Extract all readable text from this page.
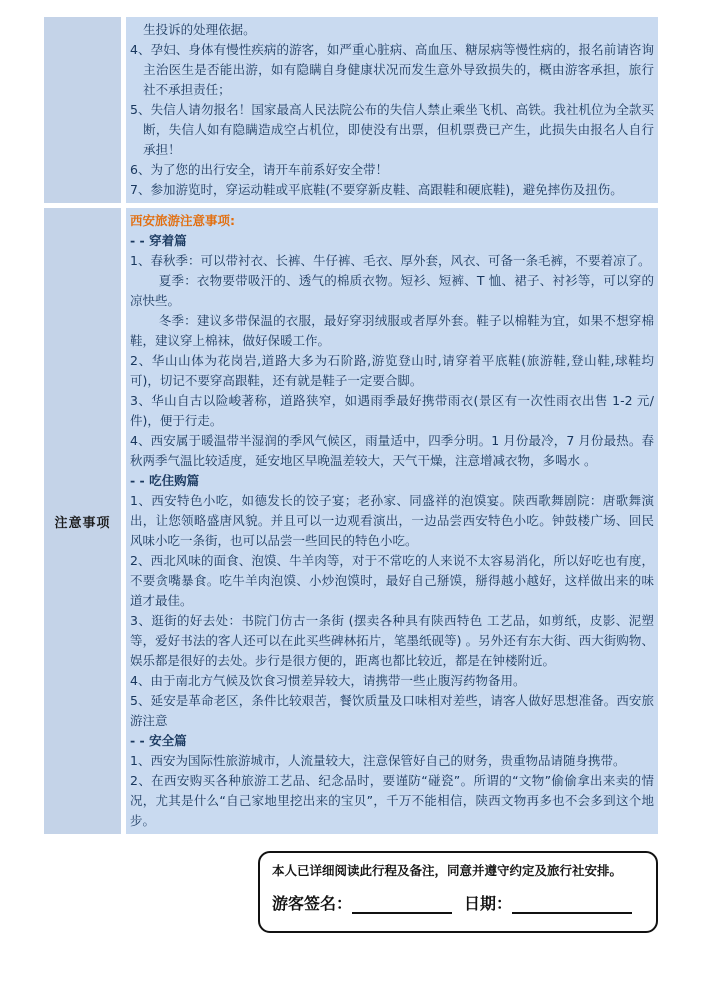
生投诉的处理依据。

4、孕妇、身体有慢性疾病的游客，如严重心脏病、高血压、糖尿病等慢性病的，报名前请咨询主治医生是否能出游，如有隐瞒自身健康状况而发生意外导致损失的，概由游客承担，旅行社不承担责任；

5、失信人请勿报名！国家最高人民法院公布的失信人禁止乘坐飞机、高铁。我社机位为全款买断，失信人如有隐瞒造成空占机位，即使没有出票，但机票费已产生，此损失由报名人自行承担！

6、为了您的出行安全，请开车前系好安全带！

7、参加游览时，穿运动鞋或平底鞋(不要穿新皮鞋、高跟鞋和硬底鞋)，避免摔伤及扭伤。

注意事项

西安旅游注意事项:

- - 穿着篇

1、春秋季：可以带衬衣、长裤、牛仔裤、毛衣、厚外套，风衣、可备一条毛裤，不要着凉了。

夏季：衣物要带吸汗的、透气的棉质衣物。短衫、短裤、T 恤、裙子、衬衫等，可以穿的凉快些。

冬季：建议多带保温的衣服，最好穿羽绒服或者厚外套。鞋子以棉鞋为宜，如果不想穿棉鞋，建议穿上棉袜，做好保暖工作。

2、华山山体为花岗岩,道路大多为石阶路,游览登山时,请穿着平底鞋(旅游鞋,登山鞋,球鞋均可)，切记不要穿高跟鞋，还有就是鞋子一定要合脚。

3、华山自古以险峻著称，道路狭窄，如遇雨季最好携带雨衣(景区有一次性雨衣出售 1-2 元/件)，便于行走。

4、西安属于暖温带半湿润的季风气候区，雨量适中，四季分明。1 月份最冷，7 月份最热。春秋两季气温比较适度，延安地区早晚温差较大，天气干燥，注意增减衣物，多喝水 。

- - 吃住购篇

1、西安特色小吃，如德发长的饺子宴；老孙家、同盛祥的泡馍宴。陕西歌舞剧院：唐歌舞演出，让您领略盛唐风貌。并且可以一边观看演出，一边品尝西安特色小吃。钟鼓楼广场、回民风味小吃一条街，也可以品尝一些回民的特色小吃。

2、西北风味的面食、泡馍、牛羊肉等，对于不常吃的人来说不太容易消化，所以好吃也有度，不要贪嘴暴食。吃牛羊肉泡馍、小炒泡馍时，最好自己掰馍，掰得越小越好，这样做出来的味道才最佳。

3、逛街的好去处：书院门仿古一条街 (摆卖各种具有陕西特色 工艺品，如剪纸，皮影、泥塑等，爱好书法的客人还可以在此买些碑林拓片，笔墨纸砚等) 。另外还有东大街、西大街购物、娱乐都是很好的去处。步行是很方便的，距离也都比较近，都是在钟楼附近。

4、由于南北方气候及饮食习惯差异较大，请携带一些止腹泻药物备用。

5、延安是革命老区，条件比较艰苦，餐饮质量及口味相对差些，请客人做好思想准备。西安旅游注意

- - 安全篇

1、西安为国际性旅游城市，人流量较大，注意保管好自己的财务，贵重物品请随身携带。

2、在西安购买各种旅游工艺品、纪念品时，要谨防“碰瓷”。所谓的“文物”偷偷拿出来卖的情况，尤其是什么“自己家地里挖出来的宝贝”，千万不能相信，陕西文物再多也不会多到这个地步。

本人已详细阅读此行程及备注，同意并遵守约定及旅行社安排。

游客签名：	日期：
